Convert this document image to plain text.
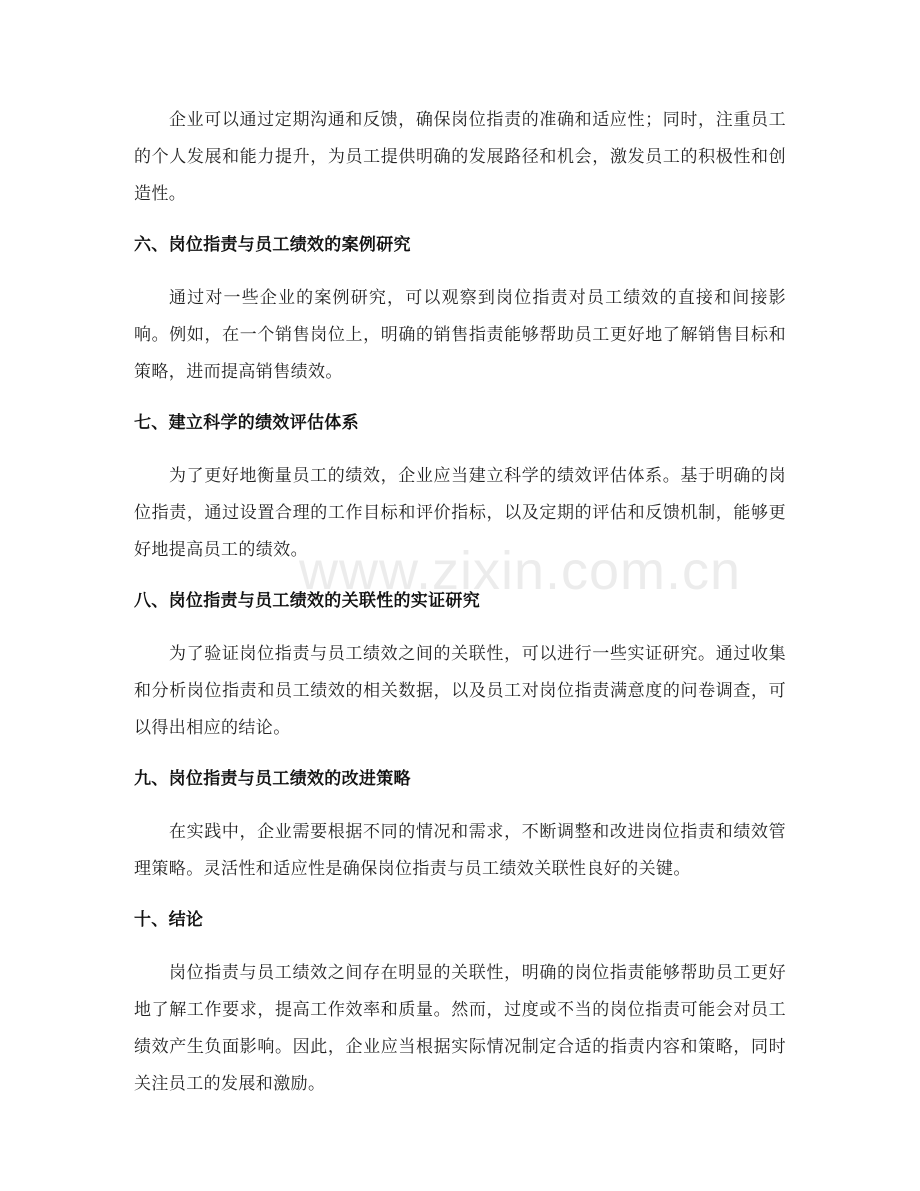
企业可以通过定期沟通和反馈，确保岗位指责的准确和适应性；同时，注重员工的个人发展和能力提升，为员工提供明确的发展路径和机会，激发员工的积极性和创造性。

六、岗位指责与员工绩效的案例研究

通过对一些企业的案例研究，可以观察到岗位指责对员工绩效的直接和间接影响。例如，在一个销售岗位上，明确的销售指责能够帮助员工更好地了解销售目标和策略，进而提高销售绩效。

七、建立科学的绩效评估体系

为了更好地衡量员工的绩效，企业应当建立科学的绩效评估体系。基于明确的岗位指责，通过设置合理的工作目标和评价指标，以及定期的评估和反馈机制，能够更好地提高员工的绩效。

八、岗位指责与员工绩效的关联性的实证研究

为了验证岗位指责与员工绩效之间的关联性，可以进行一些实证研究。通过收集和分析岗位指责和员工绩效的相关数据，以及员工对岗位指责满意度的问卷调查，可以得出相应的结论。

九、岗位指责与员工绩效的改进策略

在实践中，企业需要根据不同的情况和需求，不断调整和改进岗位指责和绩效管理策略。灵活性和适应性是确保岗位指责与员工绩效关联性良好的关键。

十、结论

岗位指责与员工绩效之间存在明显的关联性，明确的岗位指责能够帮助员工更好地了解工作要求，提高工作效率和质量。然而，过度或不当的岗位指责可能会对员工绩效产生负面影响。因此，企业应当根据实际情况制定合适的指责内容和策略，同时关注员工的发展和激励。

www.zixin.com.cn
